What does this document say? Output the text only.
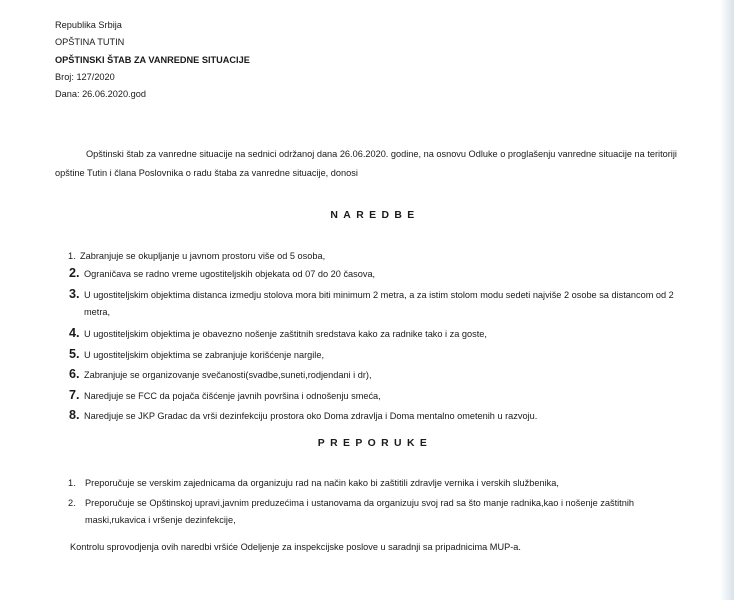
Republika Srbija
OPŠTINA TUTIN
OPŠTINSKI ŠTAB ZA VANREDNE SITUACIJE
Broj: 127/2020
Dana: 26.06.2020.god
Opštinski štab za vanredne situacije na sednici održanoj dana 26.06.2020. godine, na osnovu Odluke o proglašenju vanredne situacije na teritoriji opštine Tutin i člana Poslovnika o radu štaba za vanredne situacije, donosi
NAREDBE
1. Zabranjuje se okupljanje u javnom prostoru više od 5 osoba,
2. Ograničava se radno vreme ugostiteljskih objekata od 07 do 20 časova,
3. U ugostiteljskim objektima distanca izmedju stolova mora biti minimum 2 metra, a za istim stolom modu sedeti najviše 2 osobe sa distancom od 2 metra,
4. U ugostiteljskim objektima je obavezno nošenje zaštitnih sredstava kako za radnike tako i za goste,
5. U ugostiteljskim objektima se zabranjuje korišćenje nargile,
6. Zabranjuje se organizovanje svečanosti(svadbe,suneti,rodjendani i dr),
7. Naredjuje se FCC da pojača čišćenje javnih površina i odnošenju smeća,
8. Naredjuje se JKP Gradac da vrši dezinfekciju prostora oko Doma zdravlja i Doma mentalno ometenih u razvoju.
PREPORUKE
1. Preporučuje se verskim zajednicama da organizuju rad na način kako bi zaštitili zdravlje vernika i verskih službenika,
2. Preporučuje se Opštinskoj upravi,javnim preduzećima i ustanovama da organizuju svoj rad sa što manje radnika,kao i nošenje zaštitnih maski,rukavica i vršenje dezinfekcije,
Kontrolu sprovodjenja ovih naredbi vršiće Odeljenje za inspekcijske poslove u saradnji sa pripadnicima MUP-a.
